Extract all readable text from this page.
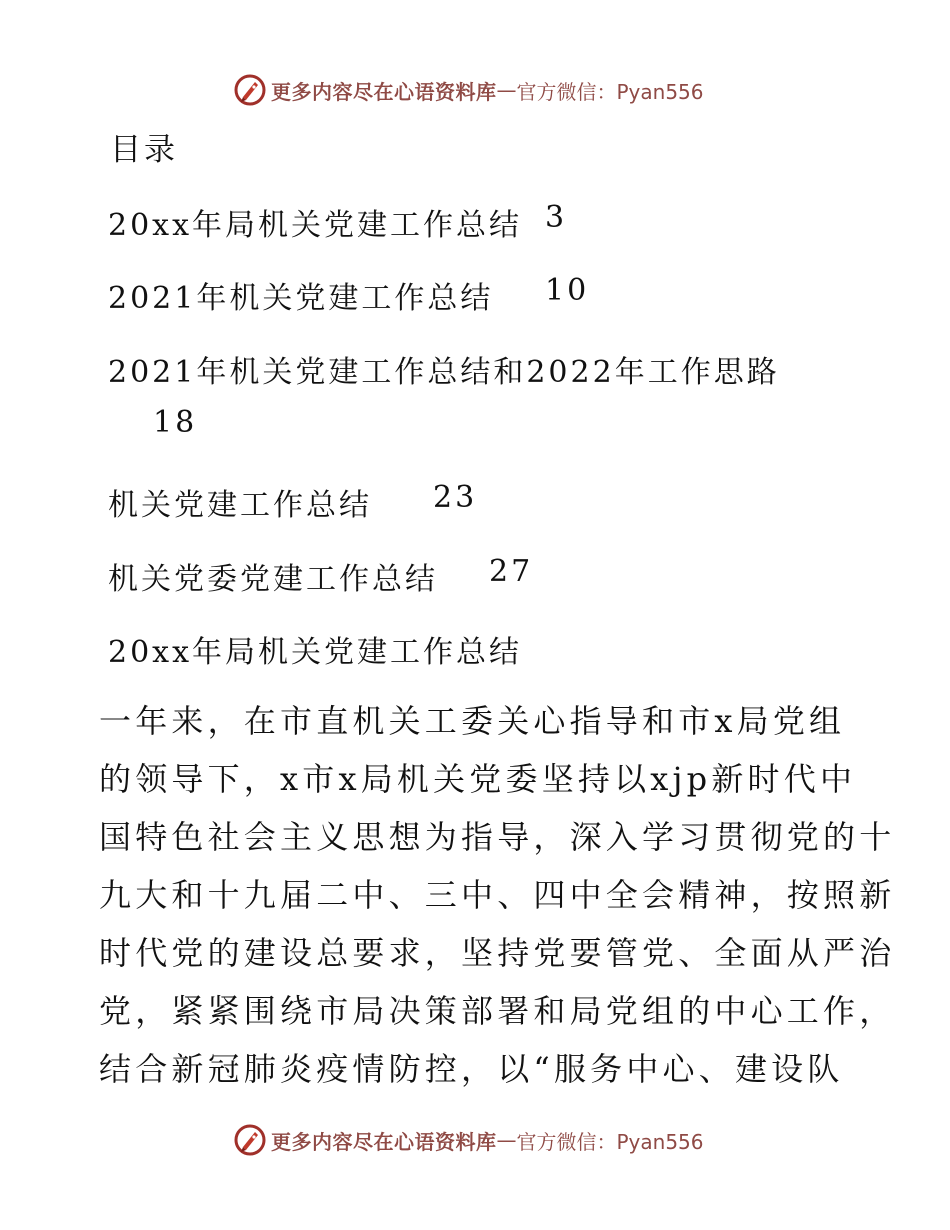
更多内容尽在心语资料库 — 官方微信：Pyan556
目录
20xx年局机关党建工作总结 3
2021年机关党建工作总结 10
2021年机关党建工作总结和2022年工作思路
18
机关党建工作总结 23
机关党委党建工作总结 27
20xx年局机关党建工作总结

一年来，在市直机关工委关心指导和市x局党组

的领导下，x市x局机关党委坚持以xjp新时代中

国特色社会主义思想为指导，深入学习贯彻党的十

九大和十九届二中、三中、四中全会精神，按照新

时代党的建设总要求，坚持党要管党、全面从严治

党，紧紧围绕市局决策部署和局党组的中心工作，

结合新冠肺炎疫情防控，以“服务中心、建设队

更多内容尽在心语资料库 — 官方微信：Pyan556
